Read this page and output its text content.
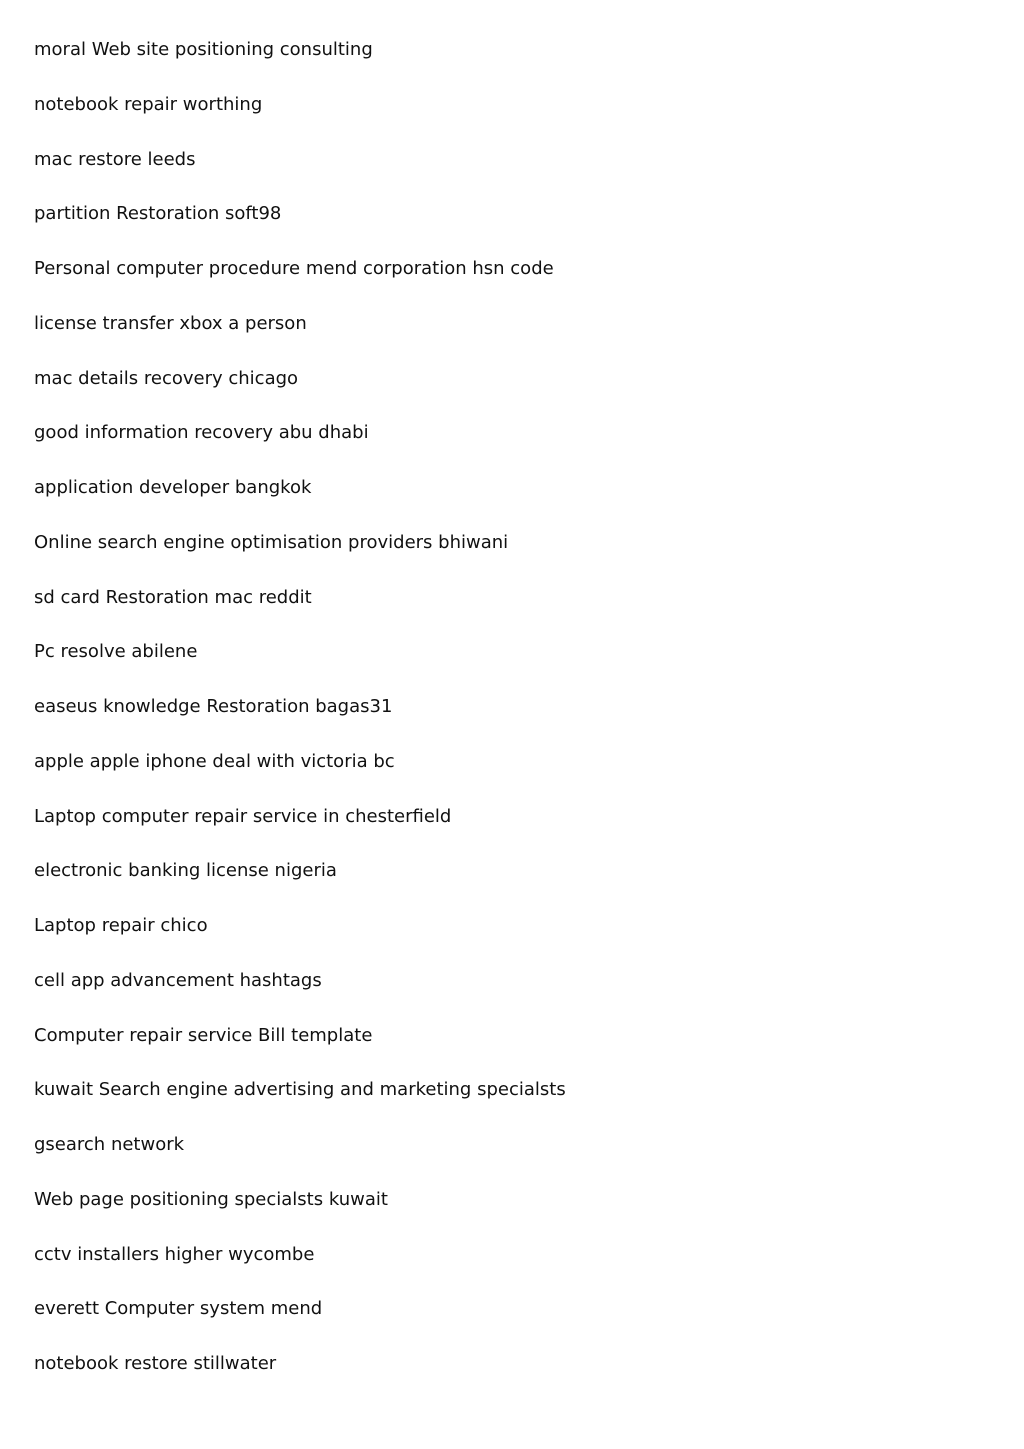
moral Web site positioning consulting
notebook repair worthing
mac restore leeds
partition Restoration soft98
Personal computer procedure mend corporation hsn code
license transfer xbox a person
mac details recovery chicago
good information recovery abu dhabi
application developer bangkok
Online search engine optimisation providers bhiwani
sd card Restoration mac reddit
Pc resolve abilene
easeus knowledge Restoration bagas31
apple apple iphone deal with victoria bc
Laptop computer repair service in chesterfield
electronic banking license nigeria
Laptop repair chico
cell app advancement hashtags
Computer repair service Bill template
kuwait Search engine advertising and marketing specialsts
gsearch network
Web page positioning specialsts kuwait
cctv installers higher wycombe
everett Computer system mend
notebook restore stillwater
